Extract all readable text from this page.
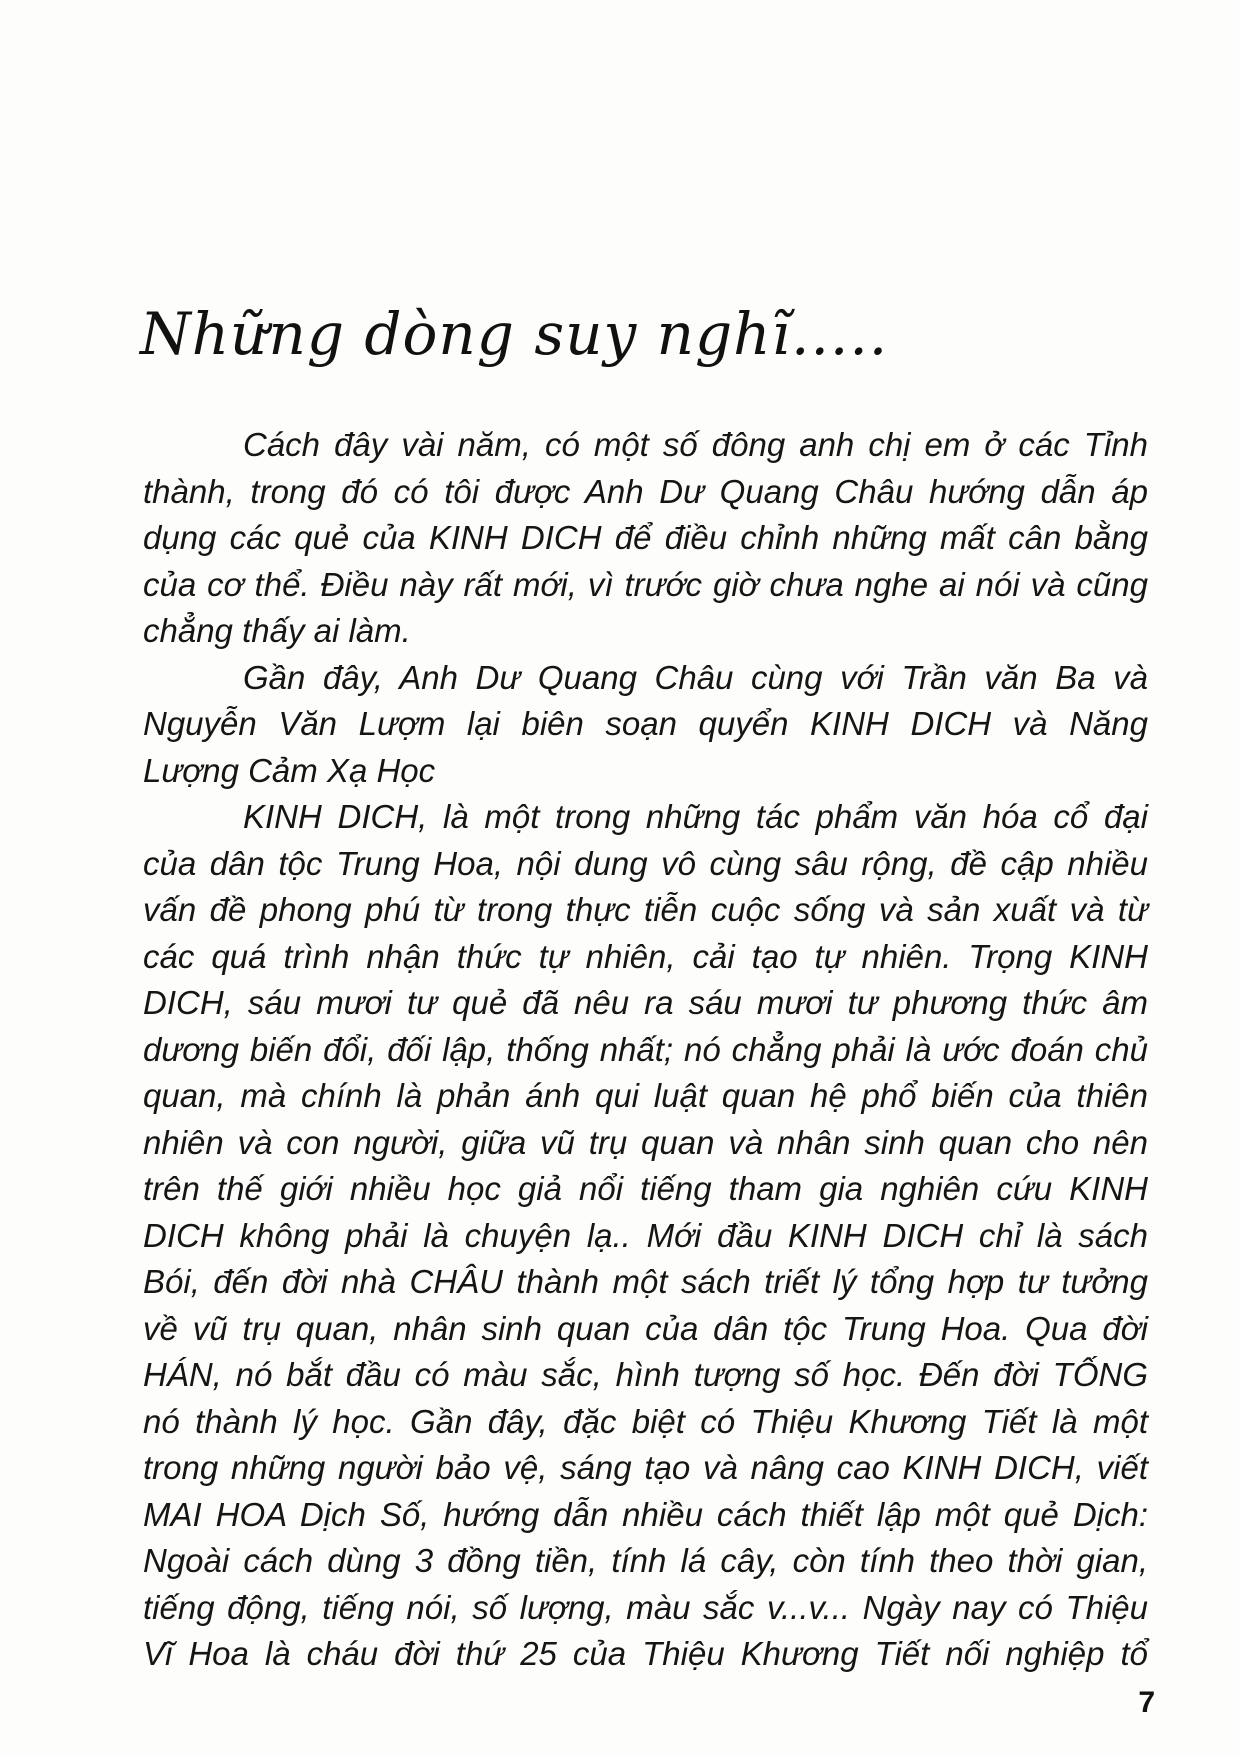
Những dòng suy nghĩ.....
Cách đây vài năm, có một số đông anh chị em ở các Tỉnh
thành, trong đó có tôi được Anh Dư Quang Châu hướng dẫn áp
dụng các quẻ của KINH DICH để điều chỉnh những mất cân bằng
của cơ thể. Điều này rất mới, vì trước giờ chưa nghe ai nói và cũng
chẳng thấy ai làm.
Gần đây, Anh Dư Quang Châu cùng với Trần văn Ba và
Nguyễn Văn Lượm lại biên soạn quyển KINH DICH và Năng
Lượng Cảm Xạ Học
KINH DICH, là một trong những tác phẩm văn hóa cổ đại
của dân tộc Trung Hoa, nội dung vô cùng sâu rộng, đề cập nhiều
vấn đề phong phú từ trong thực tiễn cuộc sống và sản xuất và từ
các quá trình nhận thức tự nhiên, cải tạo tự nhiên. Trọng KINH
DICH, sáu mươi tư quẻ đã nêu ra sáu mươi tư phương thức âm
dương biến đổi, đối lập, thống nhất; nó chẳng phải là ước đoán chủ
quan, mà chính là phản ánh qui luật quan hệ phổ biến của thiên
nhiên và con người, giữa vũ trụ quan và nhân sinh quan cho nên
trên thế giới nhiều học giả nổi tiếng tham gia nghiên cứu KINH
DICH không phải là chuyện lạ.. Mới đầu KINH DICH chỉ là sách
Bói, đến đời nhà CHÂU thành một sách triết lý tổng hợp tư tưởng
về vũ trụ quan, nhân sinh quan của dân tộc Trung Hoa. Qua đời
HÁN, nó bắt đầu có màu sắc, hình tượng số học. Đến đời TỐNG
nó thành lý học. Gần đây, đặc biệt có Thiệu Khương Tiết là một
trong những người bảo vệ, sáng tạo và nâng cao KINH DICH, viết
MAI HOA Dịch Số, hướng dẫn nhiều cách thiết lập một quẻ Dịch:
Ngoài cách dùng 3 đồng tiền, tính lá cây, còn tính theo thời gian,
tiếng động, tiếng nói, số lượng, màu sắc v...v... Ngày nay có Thiệu
Vĩ Hoa là cháu đời thứ 25 của Thiệu Khương Tiết nối nghiệp tổ
7
